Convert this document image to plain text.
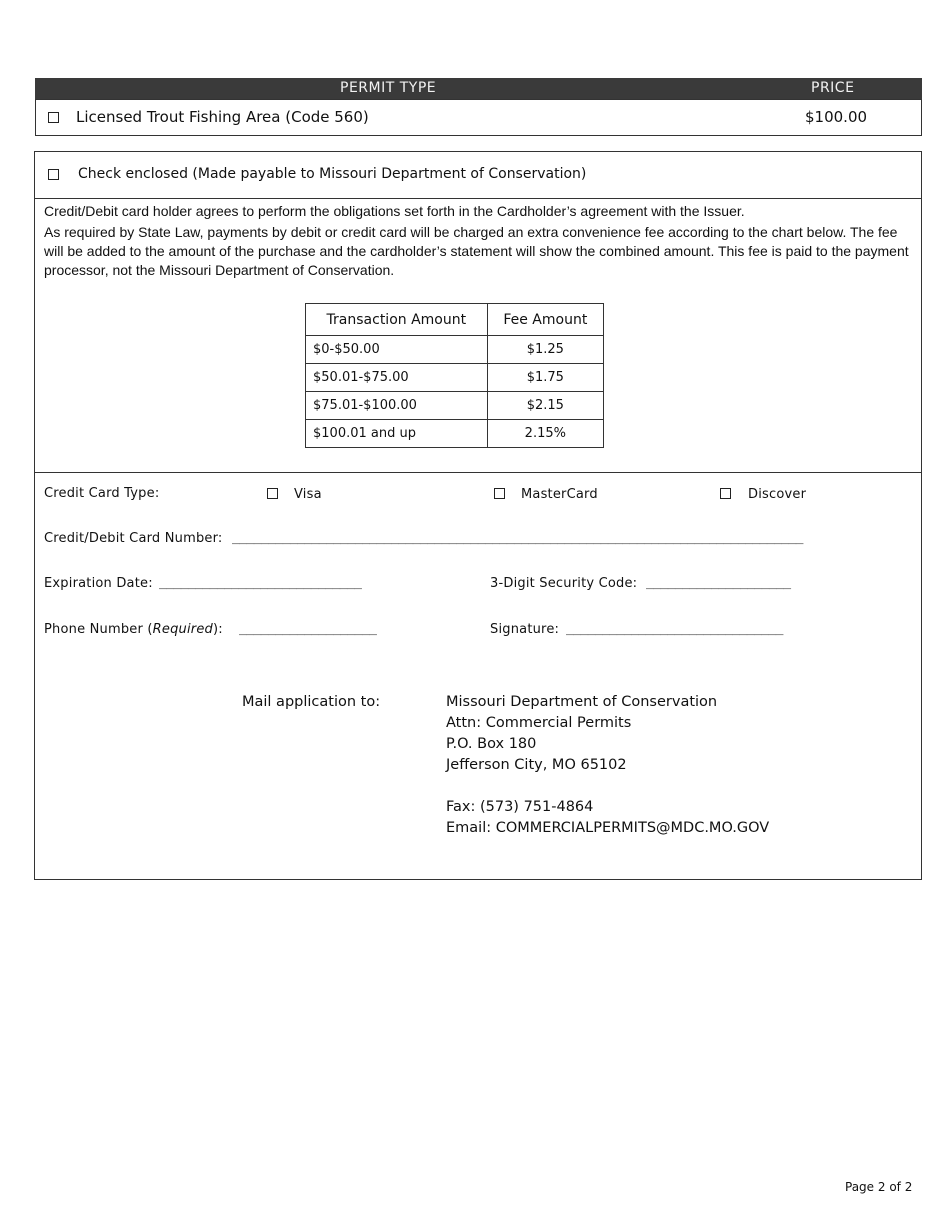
PERMIT TYPE	PRICE
Licensed Trout Fishing Area (Code 560)	$100.00
Check enclosed (Made payable to Missouri Department of Conservation)
Credit/Debit card holder agrees to perform the obligations set forth in the Cardholder’s agreement with the Issuer.
As required by State Law, payments by debit or credit card will be charged an extra convenience fee according to the chart below. The fee will be added to the amount of the purchase and the cardholder’s statement will show the combined amount. This fee is paid to the payment processor, not the Missouri Department of Conservation.
Credit Card Type:	Visa	MasterCard	Discover
Credit/Debit Card Number: _______________________________________________________________________________
Expiration Date: ____________________________	3-Digit Security Code: ____________________
Phone Number (Required): ___________________	Signature: ______________________________
Mail application to:	Missouri Department of Conservation
Attn: Commercial Permits
P.O. Box 180
Jefferson City, MO 65102
Fax: (573) 751-4864
Email: COMMERCIALPERMITS@MDC.MO.GOV
Transaction Amount	Fee Amount
$0-$50.00	$1.25
$50.01-$75.00	$1.75
$75.01-$100.00	$2.15
$100.01 and up	2.15%
Page 2 of 2
